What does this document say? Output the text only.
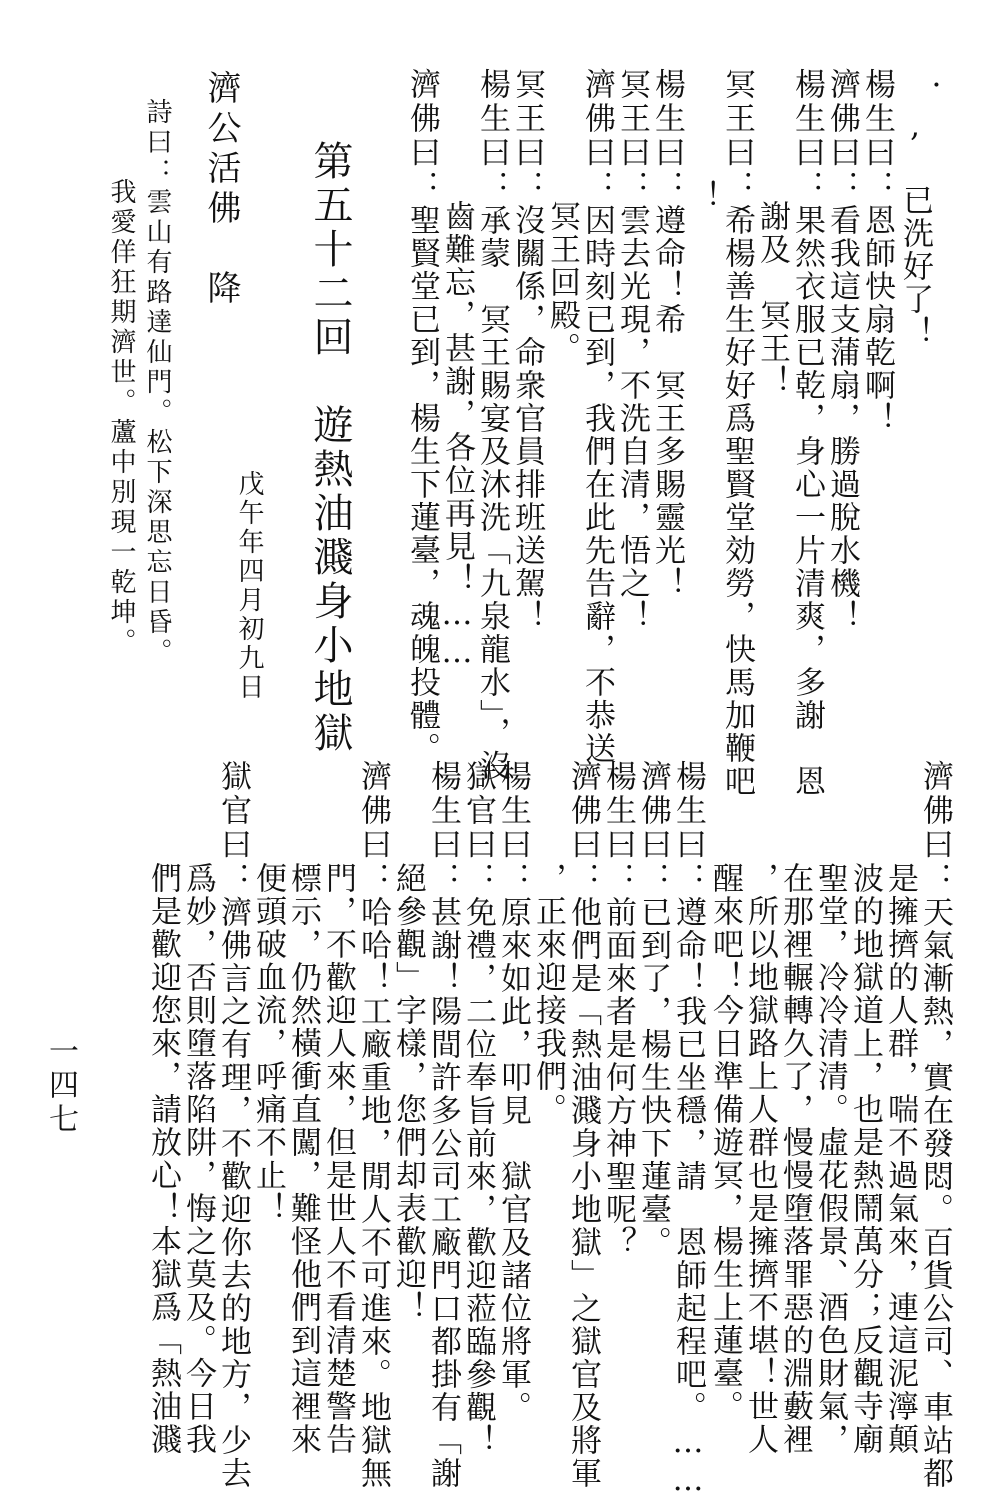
．
, 已洗好了！
楊生曰：恩師快扇乾啊！
濟佛曰：看我這支蒲扇，勝過脫水機！
楊生曰：果然衣服已乾，身心一片清爽，多謝　恩
謝及　冥王！
冥王曰：希楊善生好好爲聖賢堂効勞，快馬加鞭吧
！
楊生曰：遵命！希　冥王多賜靈光！
冥王曰：雲去光現，不洗自清，悟之！
濟佛曰：因時刻已到，我們在此先告辭，不恭送
冥王回殿。
冥王曰：沒關係，命衆官員排班送駕！
楊生曰：承蒙　冥王賜宴及沐洗「九泉龍水」，沒
齒難忘，甚謝，各位再見！……
濟佛曰：聖賢堂已到，楊生下蓮臺，魂魄投體。
第五十二回　遊熱油濺身小地獄
戊午年四月初九日
濟公活佛　降
詩曰：雲山有路達仙門。松下深思忘日昏。
我愛佯狂期濟世。蘆中別現一乾坤。
濟佛曰：天氣漸熱，實在發悶。百貨公司、車站都
是擁擠的人群，喘不過氣來，連這泥濘顛
波的地獄道上，也是熱鬧萬分；反觀寺廟
聖堂，冷冷清清。虛花假景、酒色財氣，
在那裡輾轉久了，慢慢墮落罪惡的淵藪裡
，所以地獄路上人群也是擁擠不堪！世人
醒來吧！今日準備遊冥，楊生上蓮臺。
楊生曰：遵命！我已坐穩，請　恩師起程吧。……
濟佛曰：已到了，楊生快下蓮臺。
楊生曰：前面來者是何方神聖呢？
濟佛曰：他們是「熱油濺身小地獄」之獄官及將軍
，正來迎接我們。
楊生曰：原來如此，叩見　獄官及諸位將軍。
獄官曰：免禮，二位奉旨前來，歡迎蒞臨參觀！
楊生曰：甚謝！陽間許多公司工廠門口都掛有「謝
絕參觀」字樣，您們却表歡迎！
濟佛曰：哈哈！工廠重地，閒人不可進來。地獄無
門，不歡迎人來，但是世人不看清楚警告
標示，仍然橫衝直闖，難怪他們到這裡來
便頭破血流，呼痛不止！
獄官曰：濟佛言之有理，不歡迎你去的地方，少去
爲妙，否則墮落陷阱，悔之莫及。今日我
們是歡迎您來，請放心！本獄爲「熱油濺
一四七
